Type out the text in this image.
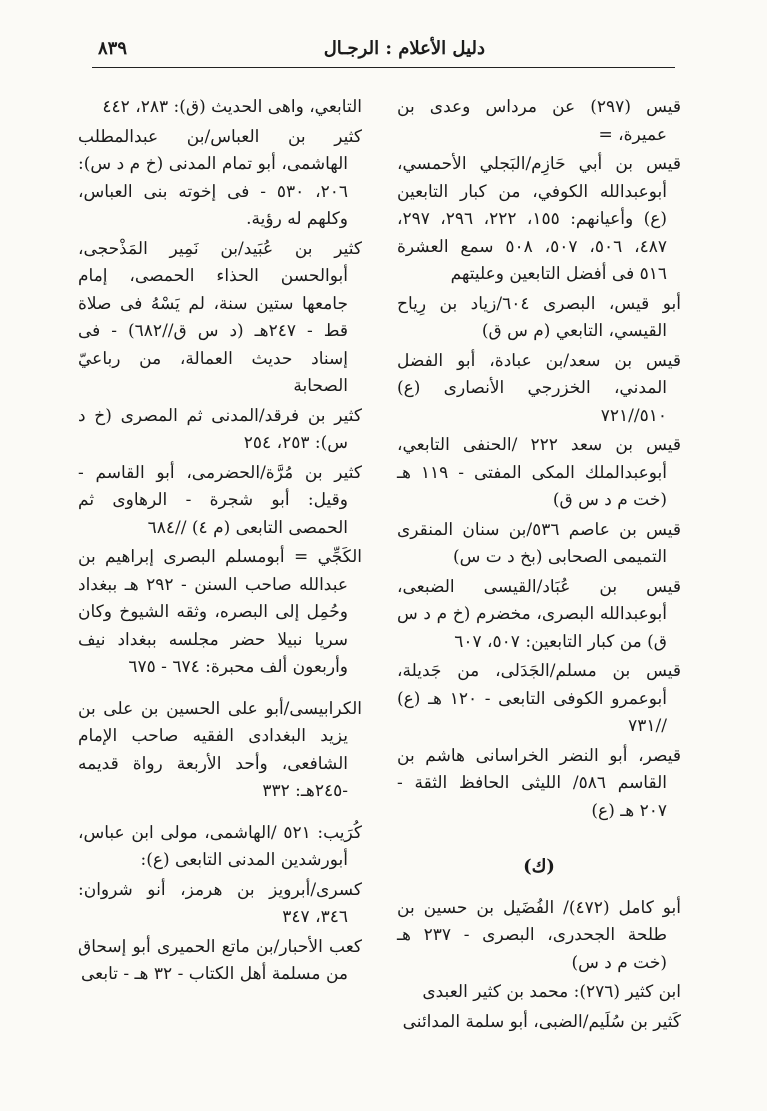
٨٣٩	دليل الأعلام : الرجـال

قيس (٢٩٧) عن مرداس وعدى بن عميرة، =

قيس بن أبي حَازِم/البَجلي الأحمسي، أبوعبدالله الكوفي، من كبار التابعين (ع) وأعيانهم: ١٥٥، ٢٢٢، ٢٩٦، ٢٩٧، ٤٨٧، ٥٠٦، ٥٠٧، ٥٠٨ سمع العشرة ٥١٦ فى أفضل التابعين وعليتهم

أبو قيس، البصرى ٦٠٤/زياد بن رِياح القيسي، التابعي (م س ق)

قيس بن سعد/بن عبادة، أبو الفضل المدني، الخزرجي الأنصارى (ع) ٥١٠//٧٢١

قيس بن سعد ٢٢٢ /الحنفى التابعي، أبوعبدالملك المكى المفتى - ١١٩ هـ (خت م د س ق)

قيس بن عاصم ٥٣٦/بن سنان المنقرى التميمى الصحابى (بخ د ت س)

قيس بن عُبَاد/القيسى الضبعى، أبوعبدالله البصرى، مخضرم (خ م د س ق) من كبار التابعين: ٥٠٧، ٦٠٧

قيس بن مسلم/الجَدَلى، من جَديلة، أبوعمرو الكوفى التابعى - ١٢٠ هـ (ع) //٧٣١

قيصر، أبو النضر الخراسانى هاشم بن القاسم ٥٨٦/ الليثى الحافظ الثقة - ٢٠٧ هـ (ع)

(ك)

أبو كامل (٤٧٢)/ الفُضَيل بن حسين بن طلحة الجحدرى، البصرى - ٢٣٧ هـ (خت م د س)

ابن كثير (٢٧٦): محمد بن كثير العبدى

كَثير بن سُلَيم/الضبى، أبو سلمة المدائنى

التابعي، واهى الحديث (ق): ٢٨٣، ٤٤٢

كثير بن العباس/بن عبدالمطلب الهاشمى، أبو تمام المدنى (خ م د س): ٢٠٦، ٥٣٠ - فى إخوته بنى العباس، وكلهم له رؤية.

كثير بن عُبَيد/بن نَمِير المَذْحجى، أبوالحسن الحذاء الحمصى، إمام جامعها ستين سنة، لم يَسْهُ فى صلاة قط - ٢٤٧هـ (د س ق//٦٨٢) - فى إسناد حديث العمالة، من رباعيّ الصحابة

كثير بن فرقد/المدنى ثم المصرى (خ د س): ٢٥٣، ٢٥٤

كثير بن مُرَّة/الحضرمى، أبو القاسم - وقيل: أبو شجرة - الرهاوى ثم الحمصى التابعى (م ٤) //٦٨٤

الكَجِّي = أبومسلم البصرى إبراهيم بن عبدالله صاحب السنن - ٢٩٢ هـ ببغداد وحُمِل إلى البصره، وثقه الشيوخ وكان سريا نبيلا حضر مجلسه ببغداد نيف وأربعون ألف محبرة: ٦٧٤ - ٦٧٥

الكرابيسى/أبو على الحسين بن على بن يزيد البغدادى الفقيه صاحب الإمام الشافعى، وأحد الأربعة رواة قديمه -٢٤٥هـ: ٣٣٢

كُرَيب: ٥٢١ /الهاشمى، مولى ابن عباس، أبورشدين المدنى التابعى (ع):

كسرى/أبرويز بن هرمز، أنو شروان: ٣٤٦، ٣٤٧

كعب الأحبار/بن ماتع الحميرى أبو إسحاق من مسلمة أهل الكتاب - ٣٢ هـ - تابعى
